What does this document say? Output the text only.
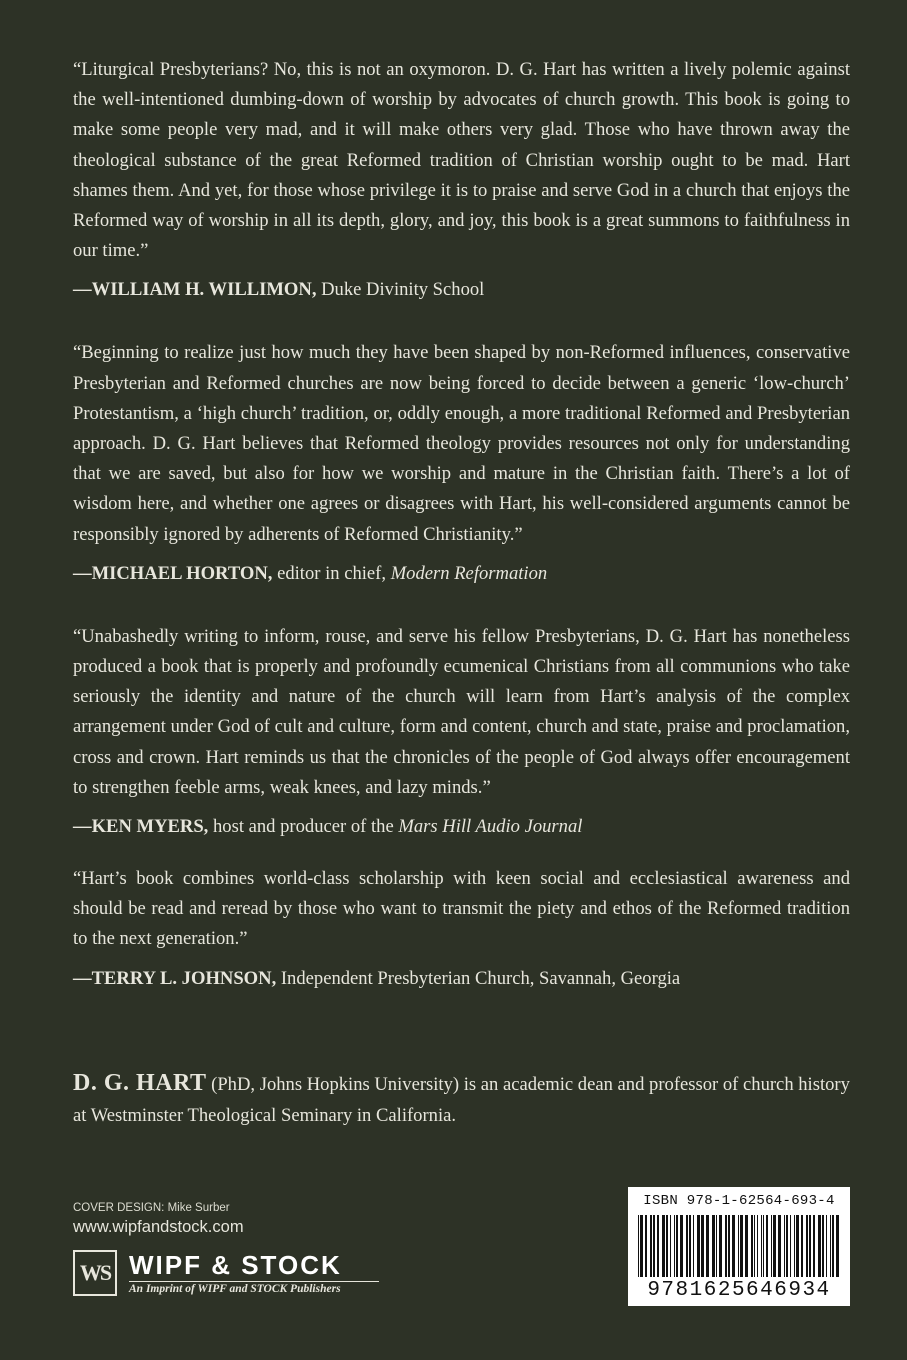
“Liturgical Presbyterians? No, this is not an oxymoron. D. G. Hart has written a lively polemic against the well-intentioned dumbing-down of worship by advocates of church growth. This book is going to make some people very mad, and it will make others very glad. Those who have thrown away the theological substance of the great Reformed tradition of Christian worship ought to be mad. Hart shames them. And yet, for those whose privilege it is to praise and serve God in a church that enjoys the Reformed way of worship in all its depth, glory, and joy, this book is a great summons to faithfulness in our time.”

—WILLIAM H. WILLIMON, Duke Divinity School

“Beginning to realize just how much they have been shaped by non-Reformed influences, conservative Presbyterian and Reformed churches are now being forced to decide between a generic ‘low-church’ Protestantism, a ‘high church’ tradition, or, oddly enough, a more traditional Reformed and Presbyterian approach. D. G. Hart believes that Reformed theology provides resources not only for understanding that we are saved, but also for how we worship and mature in the Christian faith. There’s a lot of wisdom here, and whether one agrees or disagrees with Hart, his well-considered arguments cannot be responsibly ignored by adherents of Reformed Christianity.”

—MICHAEL HORTON, editor in chief, Modern Reformation

“Unabashedly writing to inform, rouse, and serve his fellow Presbyterians, D. G. Hart has nonetheless produced a book that is properly and profoundly ecumenical Christians from all communions who take seriously the identity and nature of the church will learn from Hart’s analysis of the complex arrangement under God of cult and culture, form and content, church and state, praise and proclamation, cross and crown. Hart reminds us that the chronicles of the people of God always offer encouragement to strengthen feeble arms, weak knees, and lazy minds.”

—KEN MYERS, host and producer of the Mars Hill Audio Journal

“Hart’s book combines world-class scholarship with keen social and ecclesiastical awareness and should be read and reread by those who want to transmit the piety and ethos of the Reformed tradition to the next generation.”

—TERRY L. JOHNSON, Independent Presbyterian Church, Savannah, Georgia

D. G. HART (PhD, Johns Hopkins University) is an academic dean and professor of church history at Westminster Theological Seminary in California.

COVER DESIGN: Mike Surber
www.wipfandstock.com
WS WIPF & STOCK
An Imprint of WIPF and STOCK Publishers
ISBN 978-1-62564-693-4
9781625646934
